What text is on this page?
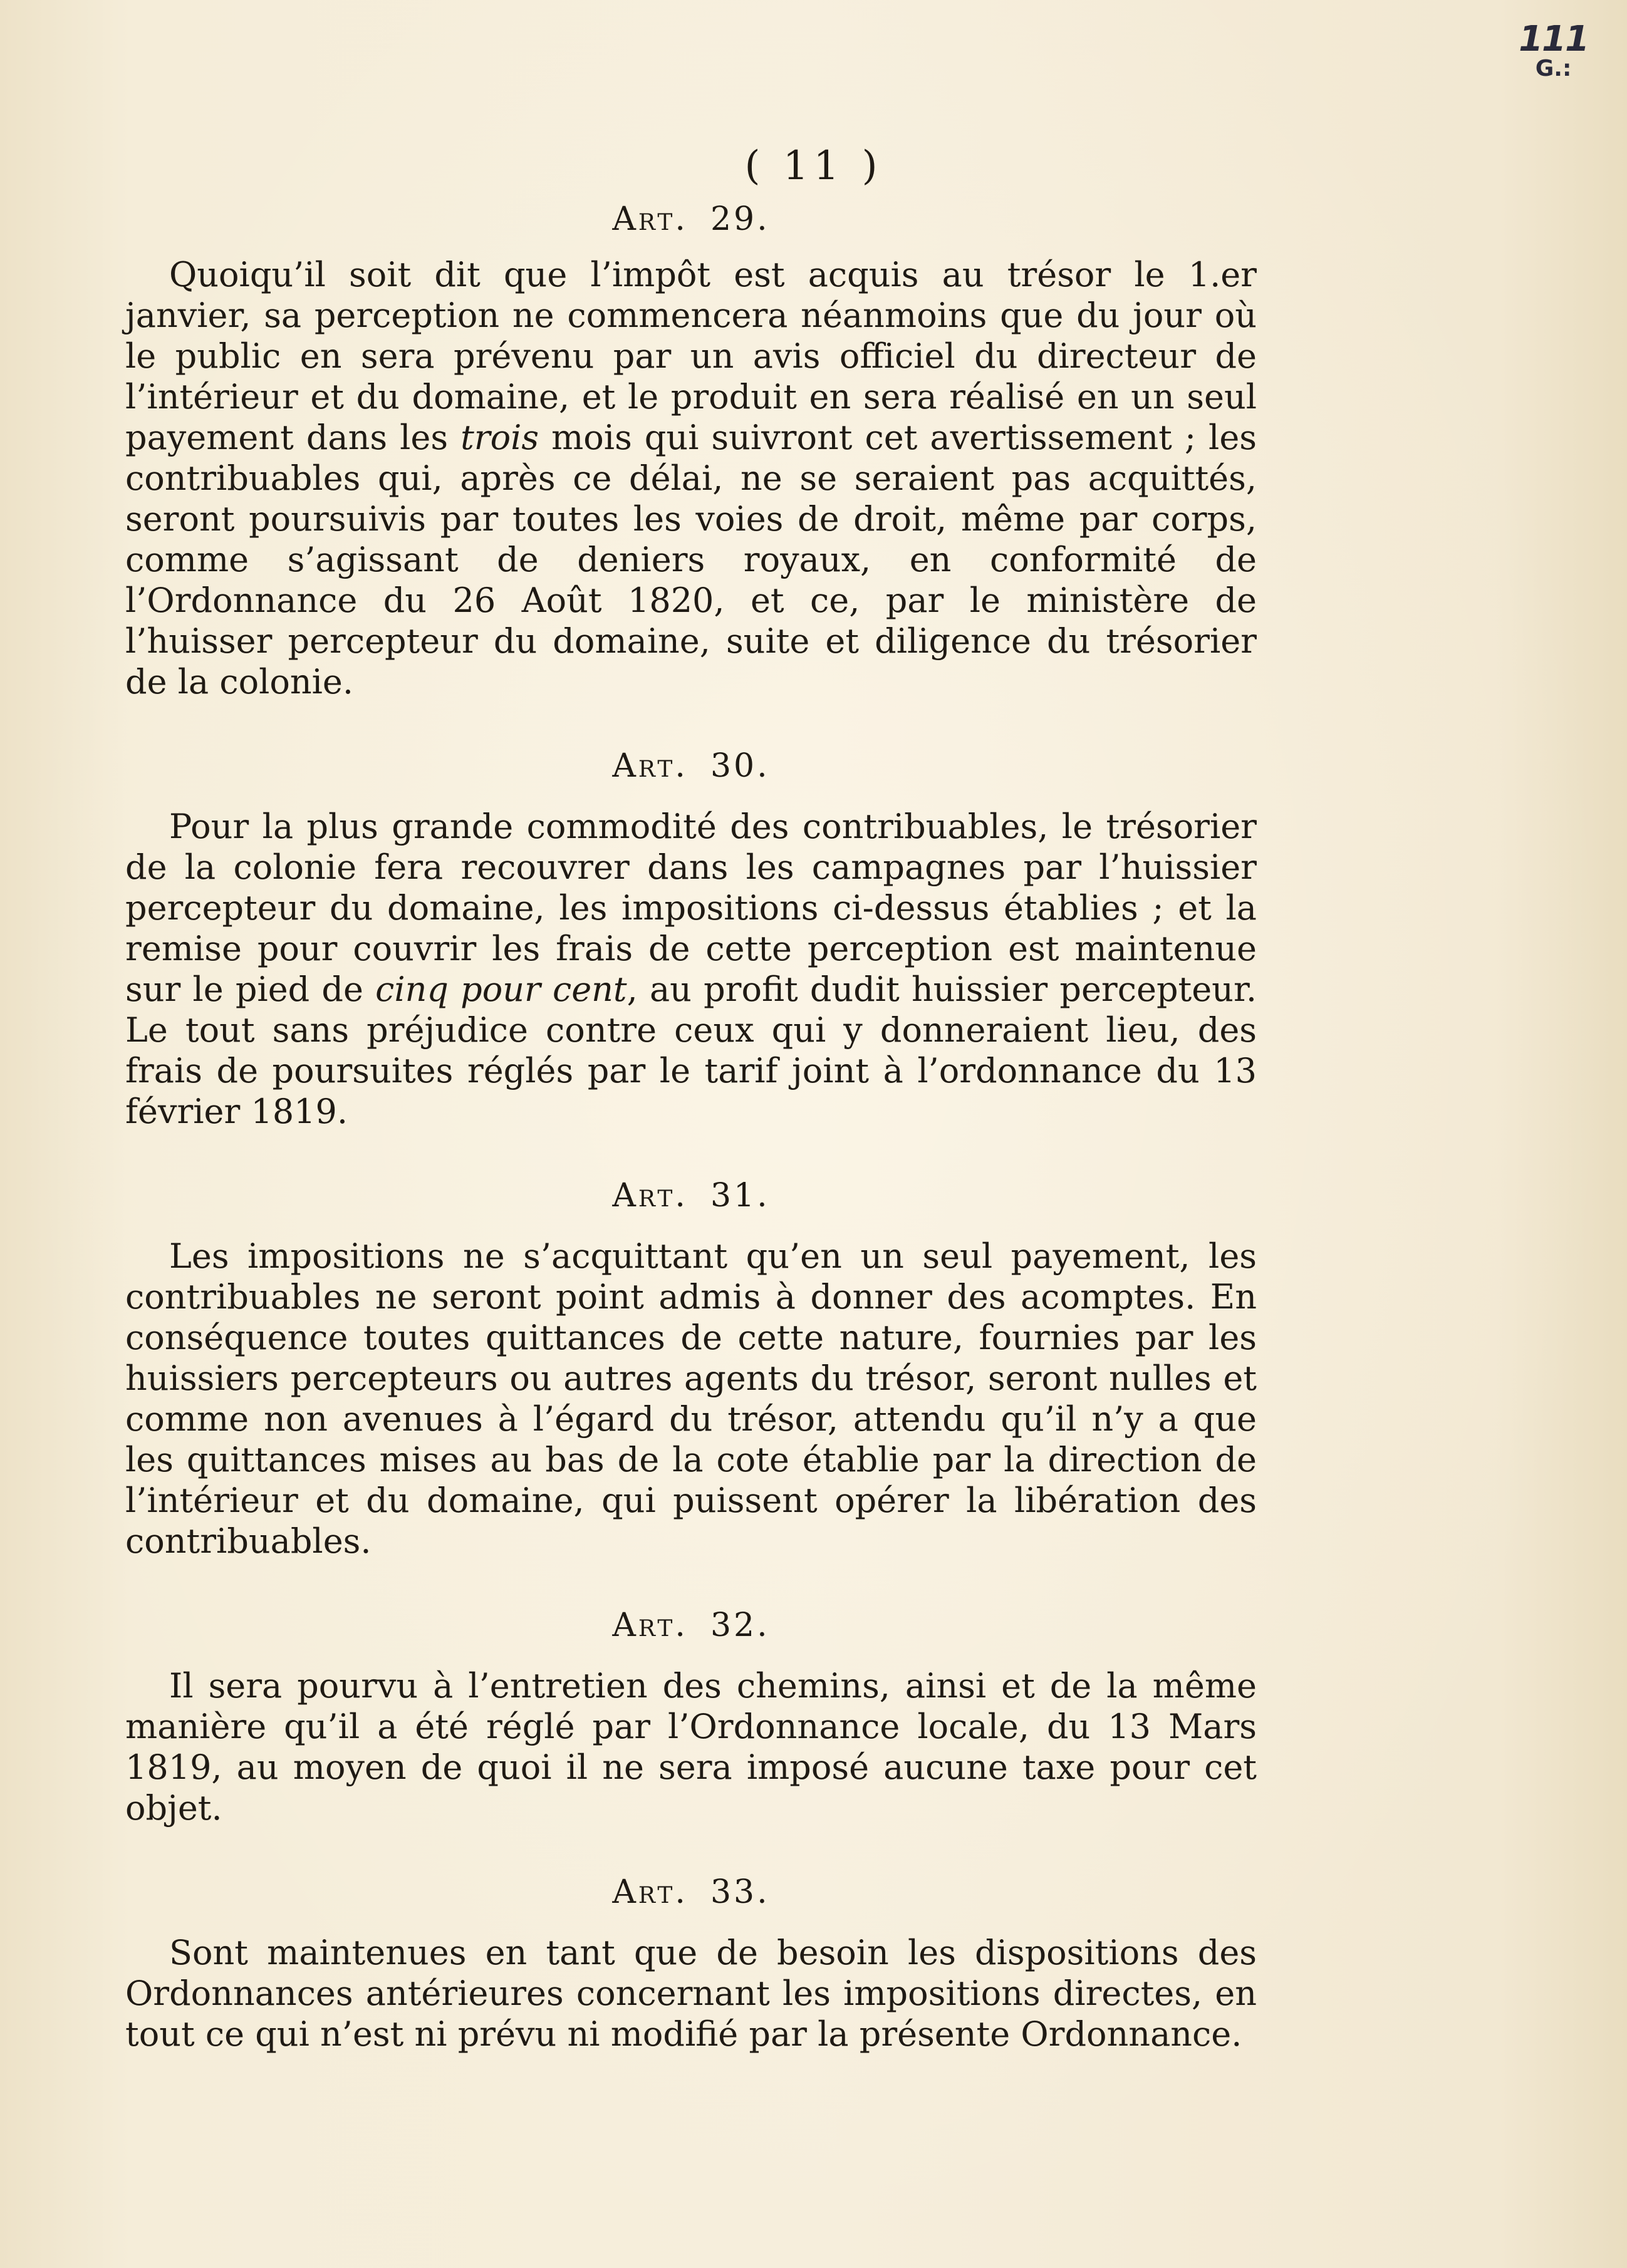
111
G.:
( 11 )
Art. 29.

Quoiqu’il soit dit que l’impôt est acquis au trésor le 1.er janvier, sa perception ne commencera néanmoins que du jour où le public en sera prévenu par un avis officiel du directeur de l’intérieur et du domaine, et le produit en sera réalisé en un seul payement dans les trois mois qui suivront cet avertissement ; les contribuables qui, après ce délai, ne se seraient pas acquittés, seront poursuivis par toutes les voies de droit, même par corps, comme s’agissant de deniers royaux, en conformité de l’Ordonnance du 26 Août 1820, et ce, par le ministère de l’huisser percepteur du domaine, suite et diligence du trésorier de la colonie.

Art. 30.

Pour la plus grande commodité des contribuables, le trésorier de la colonie fera recouvrer dans les campagnes par l’huissier percepteur du domaine, les impositions ci-dessus établies ; et la remise pour couvrir les frais de cette perception est maintenue sur le pied de cinq pour cent, au profit dudit huissier percepteur. Le tout sans préjudice contre ceux qui y donneraient lieu, des frais de poursuites réglés par le tarif joint à l’ordonnance du 13 février 1819.

Art. 31.

Les impositions ne s’acquittant qu’en un seul payement, les contribuables ne seront point admis à donner des acomptes. En conséquence toutes quittances de cette nature, fournies par les huissiers percepteurs ou autres agents du trésor, seront nulles et comme non avenues à l’égard du trésor, attendu qu’il n’y a que les quittances mises au bas de la cote établie par la direction de l’intérieur et du domaine, qui puissent opérer la libération des contribuables.

Art. 32.

Il sera pourvu à l’entretien des chemins, ainsi et de la même manière qu’il a été réglé par l’Ordonnance locale, du 13 Mars 1819, au moyen de quoi il ne sera imposé aucune taxe pour cet objet.

Art. 33.

Sont maintenues en tant que de besoin les dispositions des Ordonnances antérieures concernant les impositions directes, en tout ce qui n’est ni prévu ni modifié par la présente Ordonnance.
